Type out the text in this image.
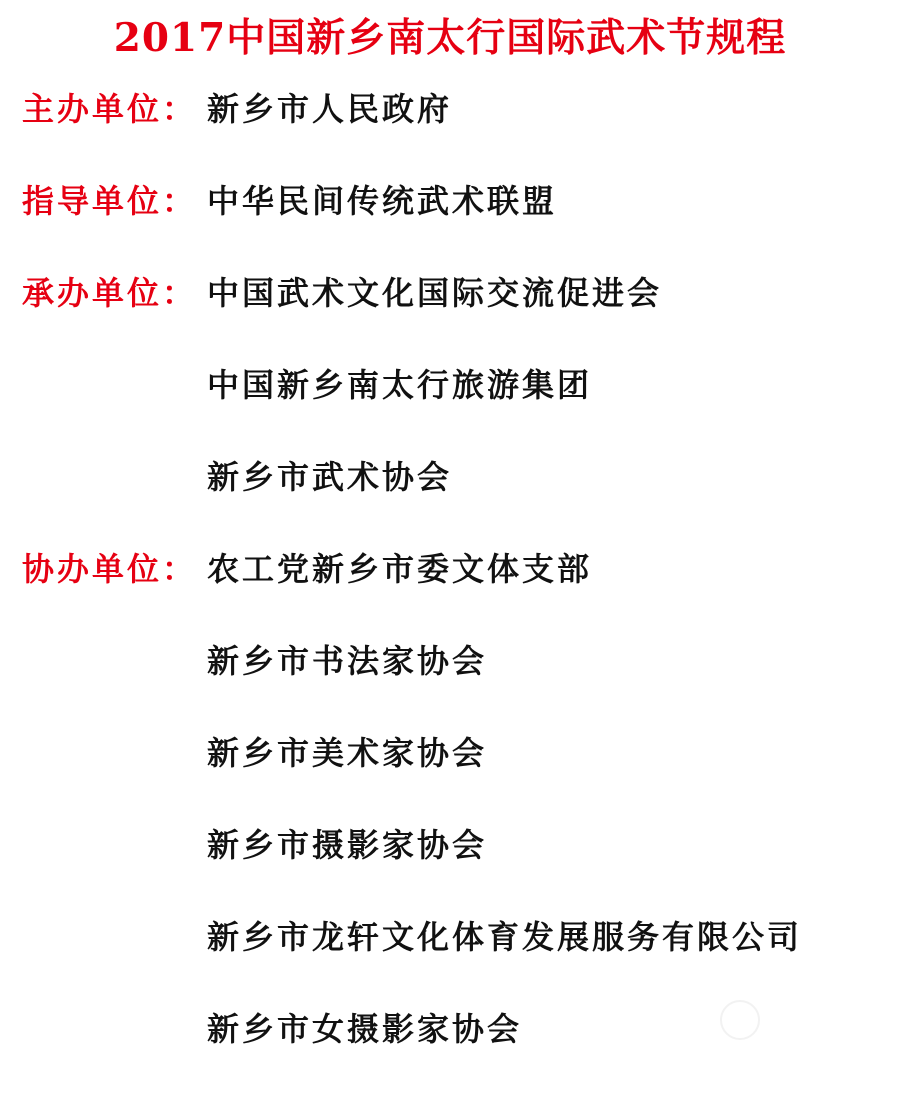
2017中国新乡南太行国际武术节规程
主办单位： 新乡市人民政府
指导单位： 中华民间传统武术联盟
承办单位： 中国武术文化国际交流促进会
中国新乡南太行旅游集团
新乡市武术协会
协办单位： 农工党新乡市委文体支部
新乡市书法家协会
新乡市美术家协会
新乡市摄影家协会
新乡市龙轩文化体育发展服务有限公司
新乡市女摄影家协会
